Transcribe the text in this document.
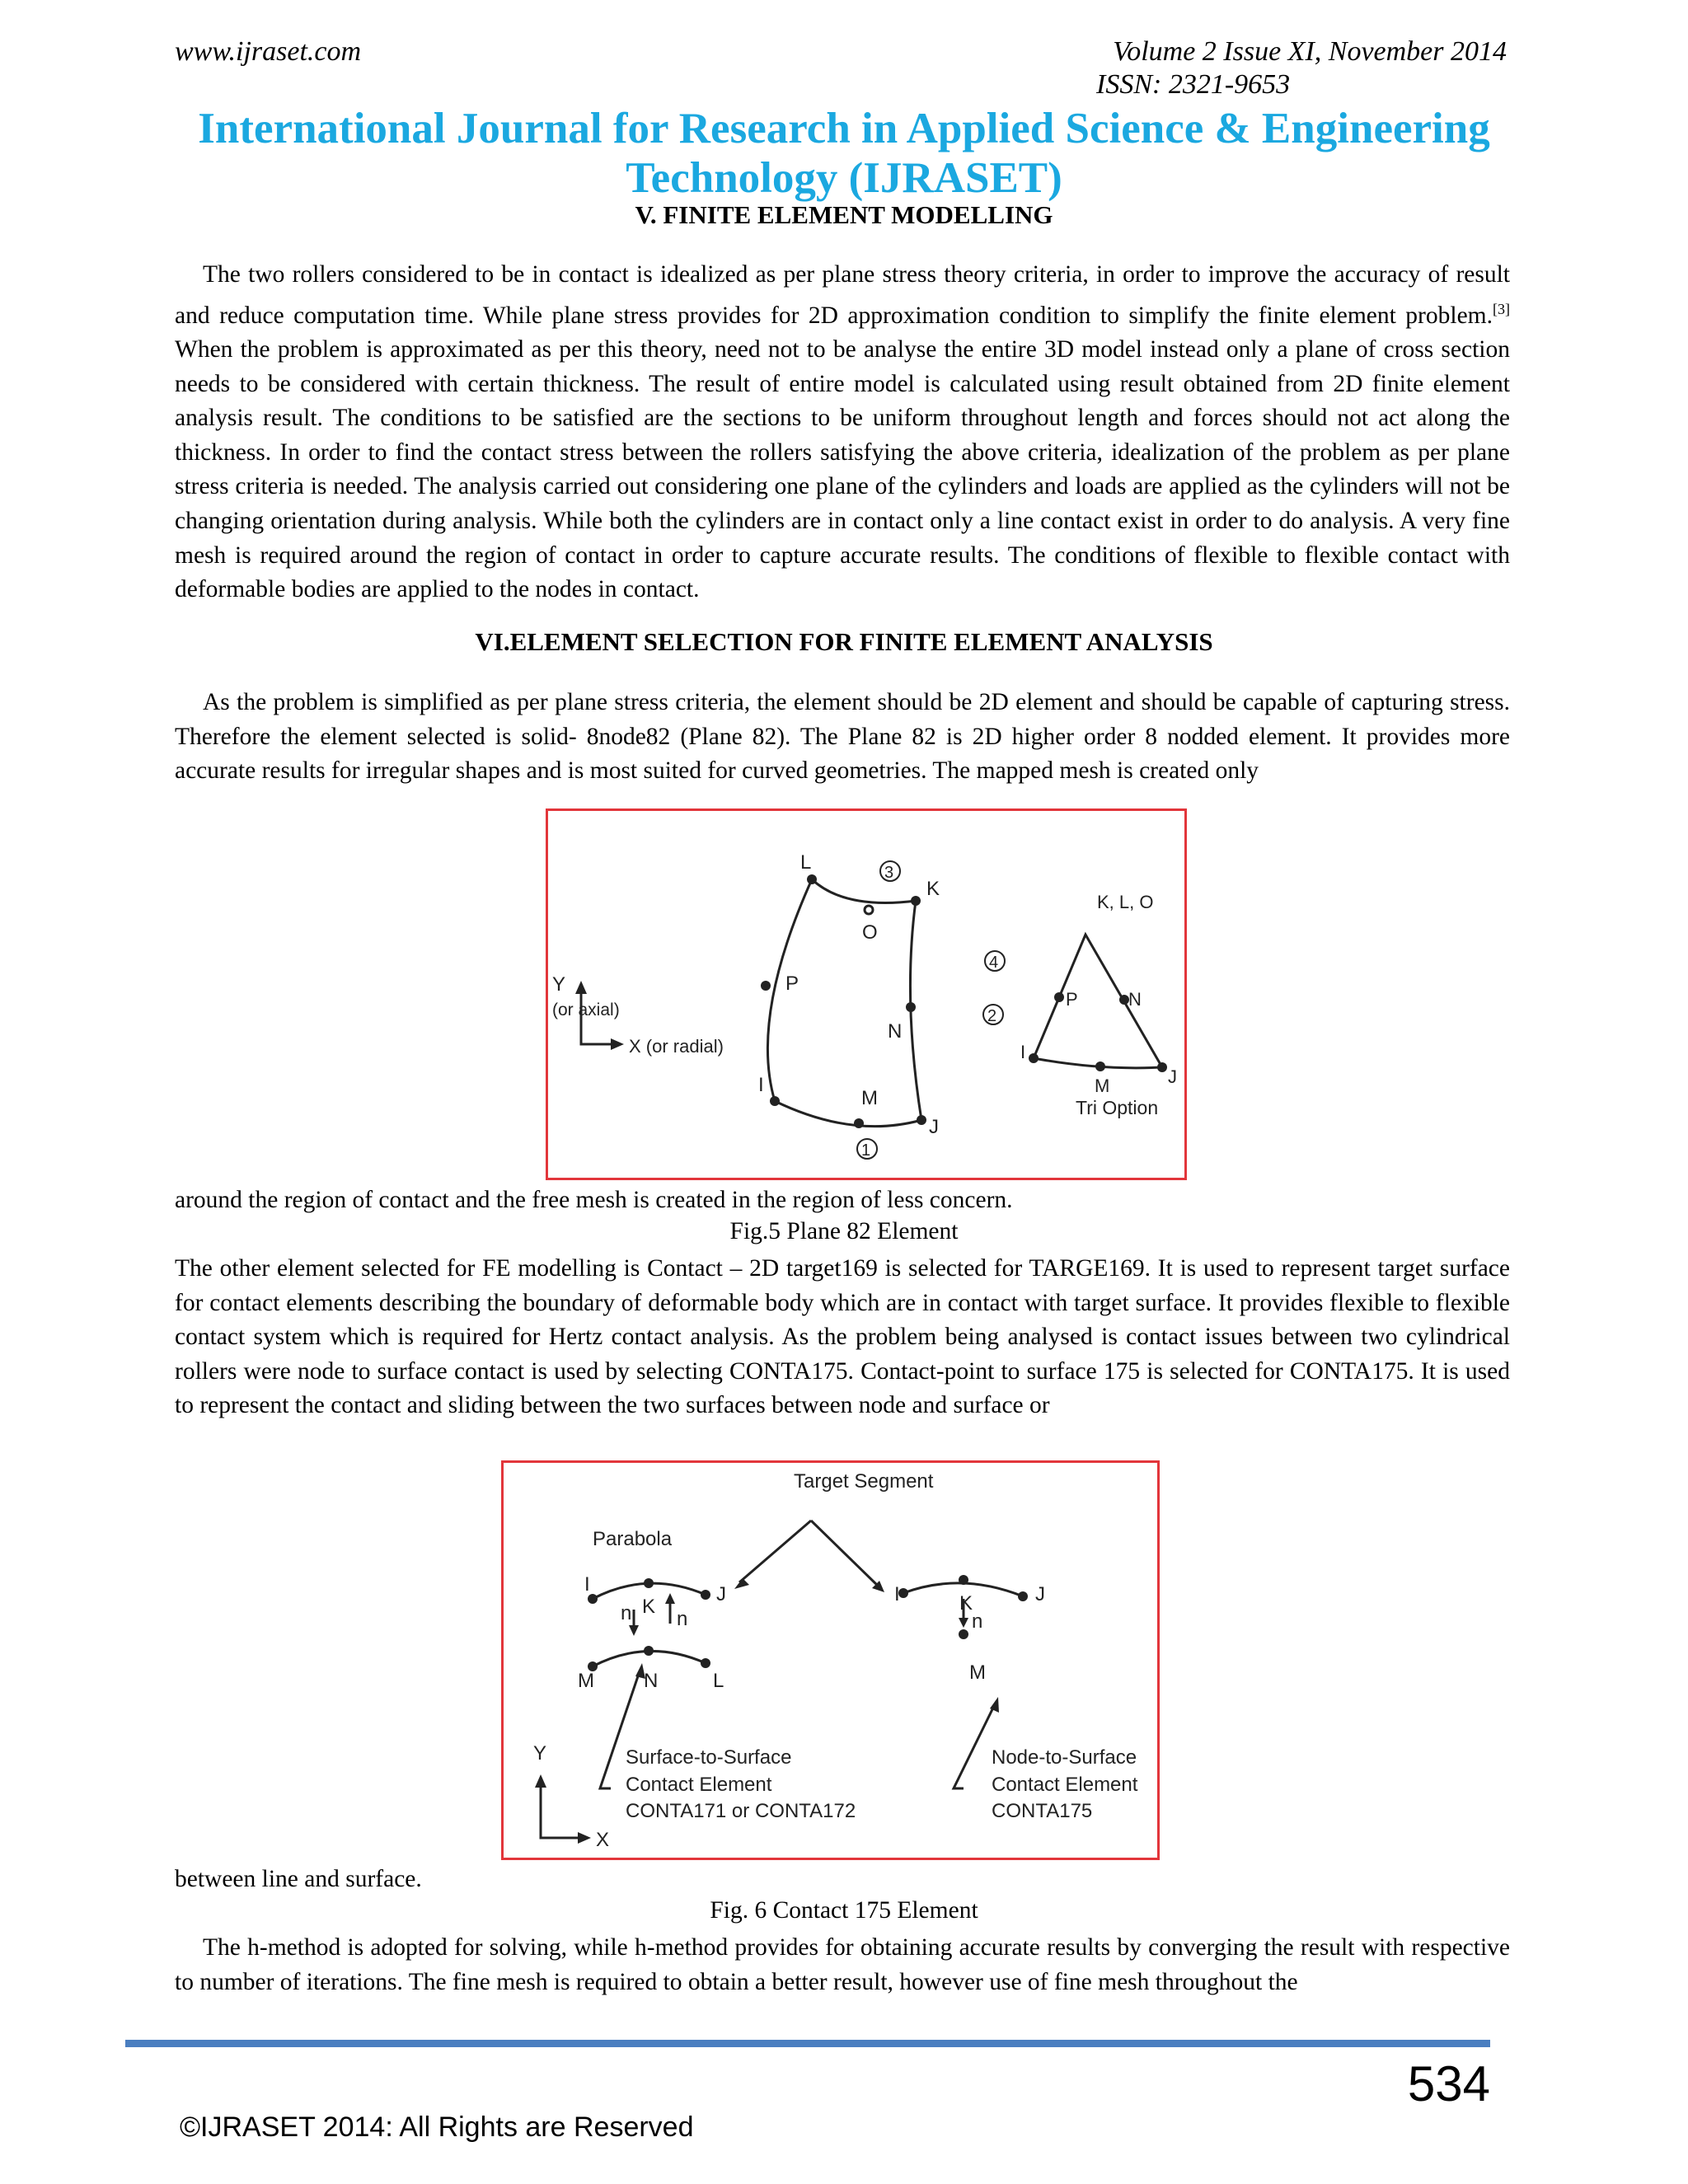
www.ijraset.com	Volume 2 Issue XI, November 2014
ISSN: 2321-9653
International Journal for Research in Applied Science & Engineering
Technology (IJRASET)
V. FINITE ELEMENT MODELLING
The two rollers considered to be in contact is idealized as per plane stress theory criteria, in order to improve the accuracy of result and reduce computation time. While plane stress provides for 2D approximation condition to simplify the finite element problem.[3] When the problem is approximated as per this theory, need not to be analyse the entire 3D model instead only a plane of cross section needs to be considered with certain thickness. The result of entire model is calculated using result obtained from 2D finite element analysis result. The conditions to be satisfied are the sections to be uniform throughout length and forces should not act along the thickness. In order to find the contact stress between the rollers satisfying the above criteria, idealization of the problem as per plane stress criteria is needed. The analysis carried out considering one plane of the cylinders and loads are applied as the cylinders will not be changing orientation during analysis. While both the cylinders are in contact only a line contact exist in order to do analysis. A very fine mesh is required around the region of contact in order to capture accurate results. The conditions of flexible to flexible contact with deformable bodies are applied to the nodes in contact.
VI.ELEMENT SELECTION FOR FINITE ELEMENT ANALYSIS
As the problem is simplified as per plane stress criteria, the element should be 2D element and should be capable of capturing stress. Therefore the element selected is solid- 8node82 (Plane 82). The Plane 82 is 2D higher order 8 nodded element. It provides more accurate results for irregular shapes and is most suited for curved geometries. The mapped mesh is created only
L
K
O
3
4
P
N
2
I
M
1
J
Y
(or axial)
X (or radial)
K, L, O
P	N
I
J
M
Tri Option
around the region of contact and the free mesh is created in the region of less concern.
Fig.5 Plane 82 Element
The other element selected for FE modelling is Contact – 2D target169 is selected for TARGE169. It is used to represent target surface for contact elements describing the boundary of deformable body which are in contact with target surface. It provides flexible to flexible contact system which is required for Hertz contact analysis. As the problem being analysed is contact issues between two cylindrical rollers were node to surface contact is used by selecting CONTA175. Contact-point to surface 175 is selected for CONTA175. It is used to represent the contact and sliding between the two surfaces between node and surface or
Target Segment
Parabola
I
K
J
n n
M	N	L
I	K	J
n
M
Surface-to-Surface
Contact Element
CONTA171 or CONTA172
Node-to-Surface
Contact Element
CONTA175
Y
X
between line and surface.
Fig. 6 Contact 175 Element
The h-method is adopted for solving, while h-method provides for obtaining accurate results by converging the result with respective to number of iterations. The fine mesh is required to obtain a better result, however use of fine mesh throughout the
534
©IJRASET 2014: All Rights are Reserved
